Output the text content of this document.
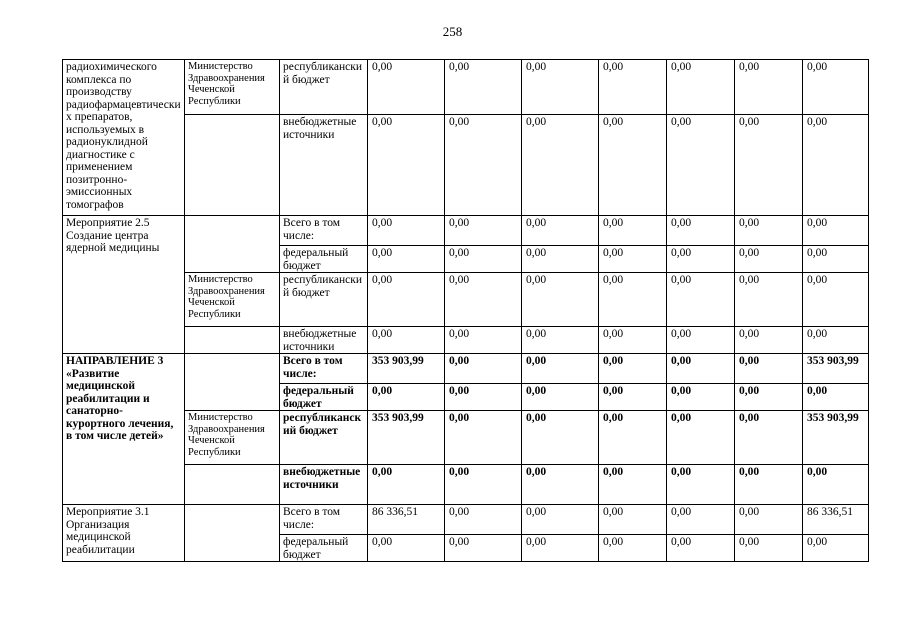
258
радиохимического комплекса по производству радиофармацевтических препаратов, используемых в радионуклидной диагностике с применением позитронно-эмиссионных томографов	Министерство Здравоохранения Чеченской Республики	республиканский бюджет	0,00	0,00	0,00	0,00	0,00	0,00	0,00
		внебюджетные источники	0,00	0,00	0,00	0,00	0,00	0,00	0,00
Мероприятие 2.5 Создание центра ядерной медицины		Всего в том числе:	0,00	0,00	0,00	0,00	0,00	0,00	0,00
		федеральный бюджет	0,00	0,00	0,00	0,00	0,00	0,00	0,00
	Министерство Здравоохранения Чеченской Республики	республиканский бюджет	0,00	0,00	0,00	0,00	0,00	0,00	0,00
		внебюджетные источники	0,00	0,00	0,00	0,00	0,00	0,00	0,00
НАПРАВЛЕНИЕ 3 «Развитие медицинской реабилитации и санаторно-курортного лечения, в том числе детей»		Всего в том числе:	353 903,99	0,00	0,00	0,00	0,00	0,00	353 903,99
		федеральный бюджет	0,00	0,00	0,00	0,00	0,00	0,00	0,00
	Министерство Здравоохранения Чеченской Республики	республиканский бюджет	353 903,99	0,00	0,00	0,00	0,00	0,00	353 903,99
		внебюджетные источники	0,00	0,00	0,00	0,00	0,00	0,00	0,00
Мероприятие 3.1 Организация медицинской реабилитации		Всего в том числе:	86 336,51	0,00	0,00	0,00	0,00	0,00	86 336,51
		федеральный бюджет	0,00	0,00	0,00	0,00	0,00	0,00	0,00
